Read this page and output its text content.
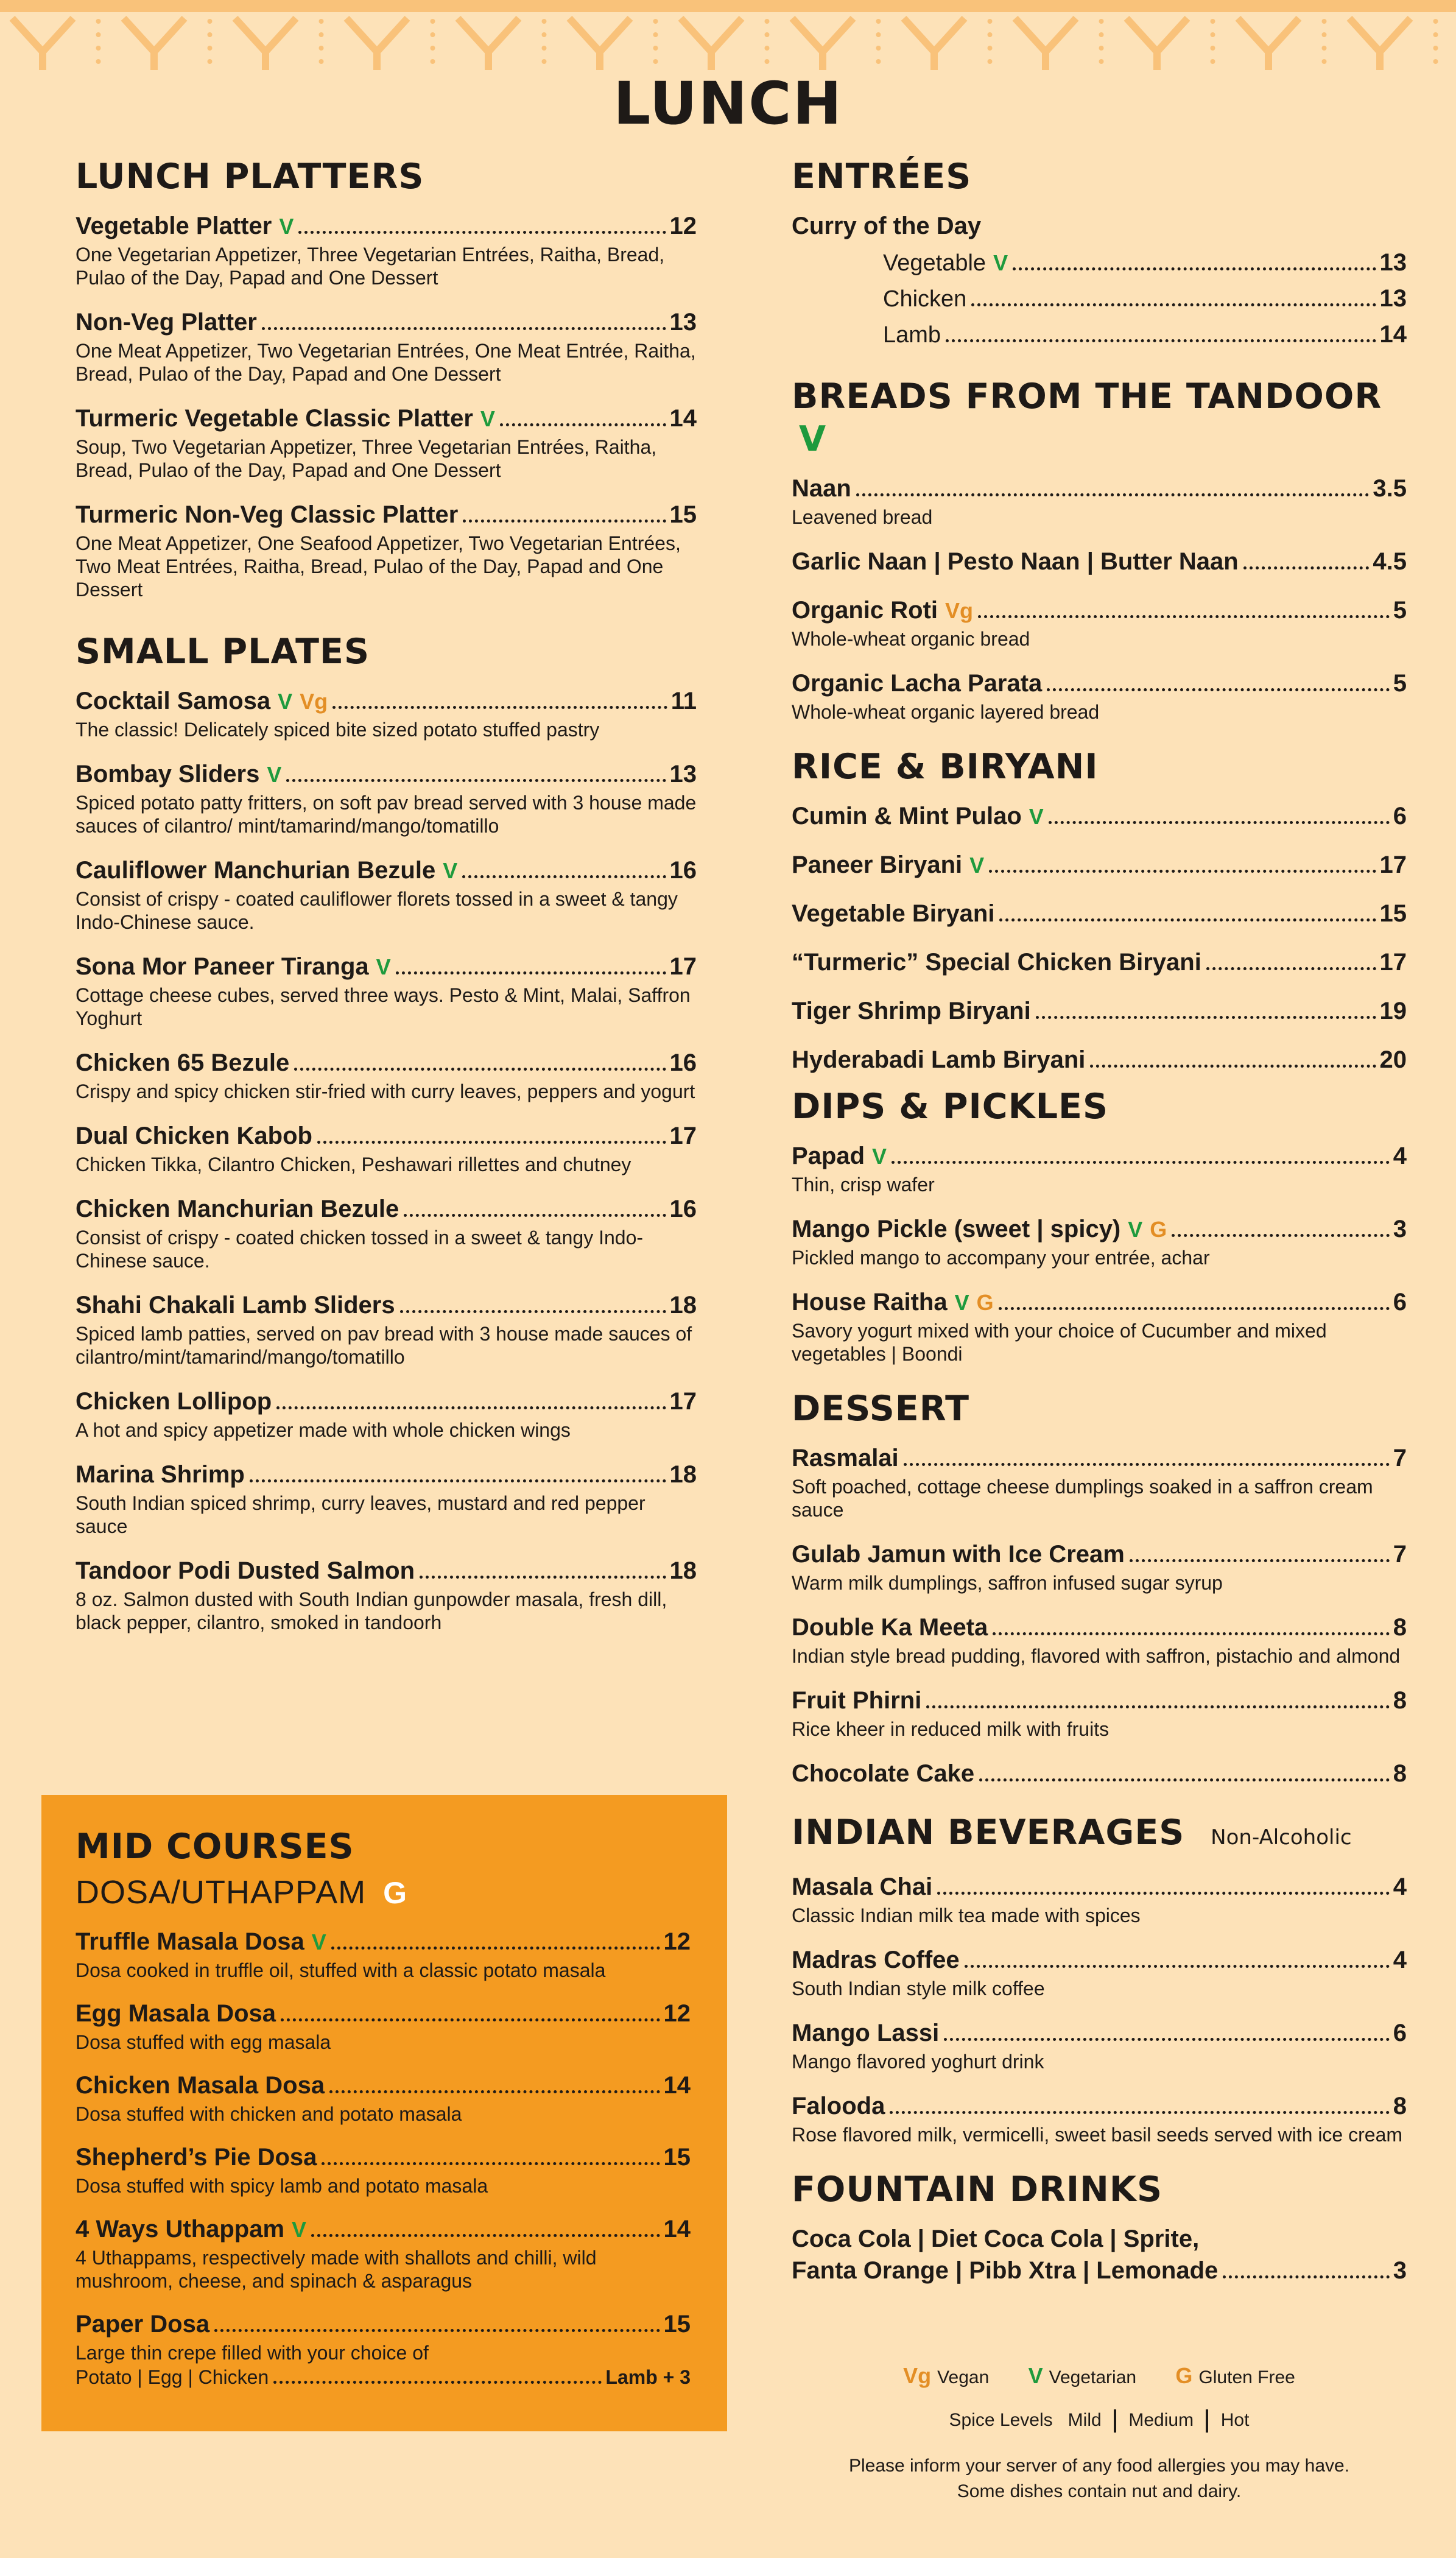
LUNCH
LUNCH PLATTERS
Vegetable Platter V	12
One Vegetarian Appetizer, Three Vegetarian Entrées, Raitha, Bread, Pulao of the Day, Papad and One Dessert
Non-Veg Platter	13
One Meat Appetizer, Two Vegetarian Entrées, One Meat Entrée, Raitha, Bread, Pulao of the Day, Papad and One Dessert
Turmeric Vegetable Classic Platter V	14
Soup, Two Vegetarian Appetizer, Three Vegetarian Entrées, Raitha, Bread, Pulao of the Day, Papad and One Dessert
Turmeric Non-Veg Classic Platter	15
One Meat Appetizer, One Seafood Appetizer, Two Vegetarian Entrées, Two Meat Entrées, Raitha, Bread, Pulao of the Day, Papad and One Dessert
SMALL PLATES
Cocktail Samosa V Vg	11
The classic! Delicately spiced bite sized potato stuffed pastry
Bombay Sliders V	13
Spiced potato patty fritters, on soft pav bread served with 3 house made sauces of cilantro/ mint/tamarind/mango/tomatillo
Cauliflower Manchurian Bezule V	16
Consist of crispy - coated cauliflower florets tossed in a sweet & tangy Indo-Chinese sauce.
Sona Mor Paneer Tiranga V	17
Cottage cheese cubes, served three ways. Pesto & Mint, Malai, Saffron Yoghurt
Chicken 65 Bezule	16
Crispy and spicy chicken stir-fried with curry leaves, peppers and yogurt
Dual Chicken Kabob	17
Chicken Tikka, Cilantro Chicken, Peshawari rillettes and chutney
Chicken Manchurian Bezule	16
Consist of crispy - coated chicken tossed in a sweet & tangy Indo-Chinese sauce.
Shahi Chakali Lamb Sliders	18
Spiced lamb patties, served on pav bread with 3 house made sauces of cilantro/mint/tamarind/mango/tomatillo
Chicken Lollipop	17
A hot and spicy appetizer made with whole chicken wings
Marina Shrimp	18
South Indian spiced shrimp, curry leaves, mustard and red pepper sauce
Tandoor Podi Dusted Salmon	18
8 oz. Salmon dusted with South Indian gunpowder masala, fresh dill, black pepper, cilantro, smoked in tandoorh
MID COURSES
DOSA/UTHAPPAM G
Truffle Masala Dosa V	12
Dosa cooked in truffle oil, stuffed with a classic potato masala
Egg Masala Dosa	12
Dosa stuffed with egg masala
Chicken Masala Dosa	14
Dosa stuffed with chicken and potato masala
Shepherd’s Pie Dosa	15
Dosa stuffed with spicy lamb and potato masala
4 Ways Uthappam V	14
4 Uthappams, respectively made with shallots and chilli, wild mushroom, cheese, and spinach & asparagus
Paper Dosa	15
Large thin crepe filled with your choice of
Potato | Egg | Chicken	Lamb + 3
ENTRÉES
Curry of the Day
Vegetable V	13
Chicken	13
Lamb	14
BREADS FROM THE TANDOOR V
Naan	3.5
Leavened bread
Garlic Naan | Pesto Naan | Butter Naan	4.5
Organic Roti Vg	5
Whole-wheat organic bread
Organic Lacha Parata	5
Whole-wheat organic layered bread
RICE & BIRYANI
Cumin & Mint Pulao V	6
Paneer Biryani V	17
Vegetable Biryani	15
“Turmeric” Special Chicken Biryani	17
Tiger Shrimp Biryani	19
Hyderabadi Lamb Biryani	20
DIPS & PICKLES
Papad V	4
Thin, crisp wafer
Mango Pickle (sweet | spicy) V G	3
Pickled mango to accompany your entrée, achar
House Raitha V G	6
Savory yogurt mixed with your choice of Cucumber and mixed vegetables | Boondi
DESSERT
Rasmalai	7
Soft poached, cottage cheese dumplings soaked in a saffron cream sauce
Gulab Jamun with Ice Cream	7
Warm milk dumplings, saffron infused sugar syrup
Double Ka Meeta	8
Indian style bread pudding, flavored with saffron, pistachio and almond
Fruit Phirni	8
Rice kheer in reduced milk with fruits
Chocolate Cake	8
INDIAN BEVERAGES Non-Alcoholic
Masala Chai	4
Classic Indian milk tea made with spices
Madras Coffee	4
South Indian style milk coffee
Mango Lassi	6
Mango flavored yoghurt drink
Falooda	8
Rose flavored milk, vermicelli, sweet basil seeds served with ice cream
FOUNTAIN DRINKS
Coca Cola | Diet Coca Cola | Sprite,
Fanta Orange | Pibb Xtra | Lemonade	3
Vg Vegan V Vegetarian G Gluten Free
Spice Levels Mild Medium Hot
Please inform your server of any food allergies you may have.
Some dishes contain nut and dairy.
